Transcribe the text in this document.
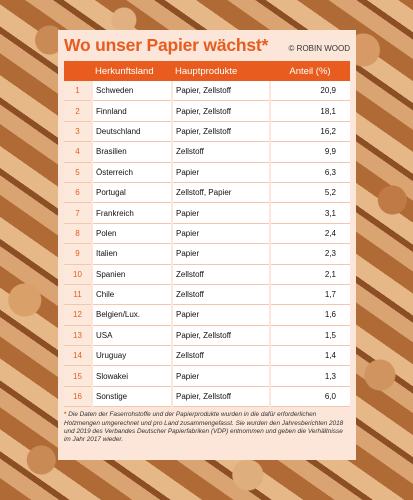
Wo unser Papier wächst*	© ROBIN WOOD
	Herkunftsland	Hauptprodukte	Anteil (%)
1	Schweden	Papier, Zellstoff	20,9
2	Finnland	Papier, Zellstoff	18,1
3	Deutschland	Papier, Zellstoff	16,2
4	Brasilien	Zellstoff	9,9
5	Österreich	Papier	6,3
6	Portugal	Zellstoff, Papier	5,2
7	Frankreich	Papier	3,1
8	Polen	Papier	2,4
9	Italien	Papier	2,3
10	Spanien	Zellstoff	2,1
11	Chile	Zellstoff	1,7
12	Belgien/Lux.	Papier	1,6
13	USA	Papier, Zellstoff	1,5
14	Uruguay	Zellstoff	1,4
15	Slowakei	Papier	1,3
16	Sonstige	Papier, Zellstoff	6,0
* Die Daten der Faserrohstoffe und der Papierprodukte wurden in die dafür erforderlichen Holzmengen umgerechnet und pro Land zusammengefasst. Sie wurden den Jahresberichten 2018 und 2019 des Verbandes Deutscher Papierfabriken (VDP) entnommen und geben die Verhältnisse im Jahr 2017 wieder.
